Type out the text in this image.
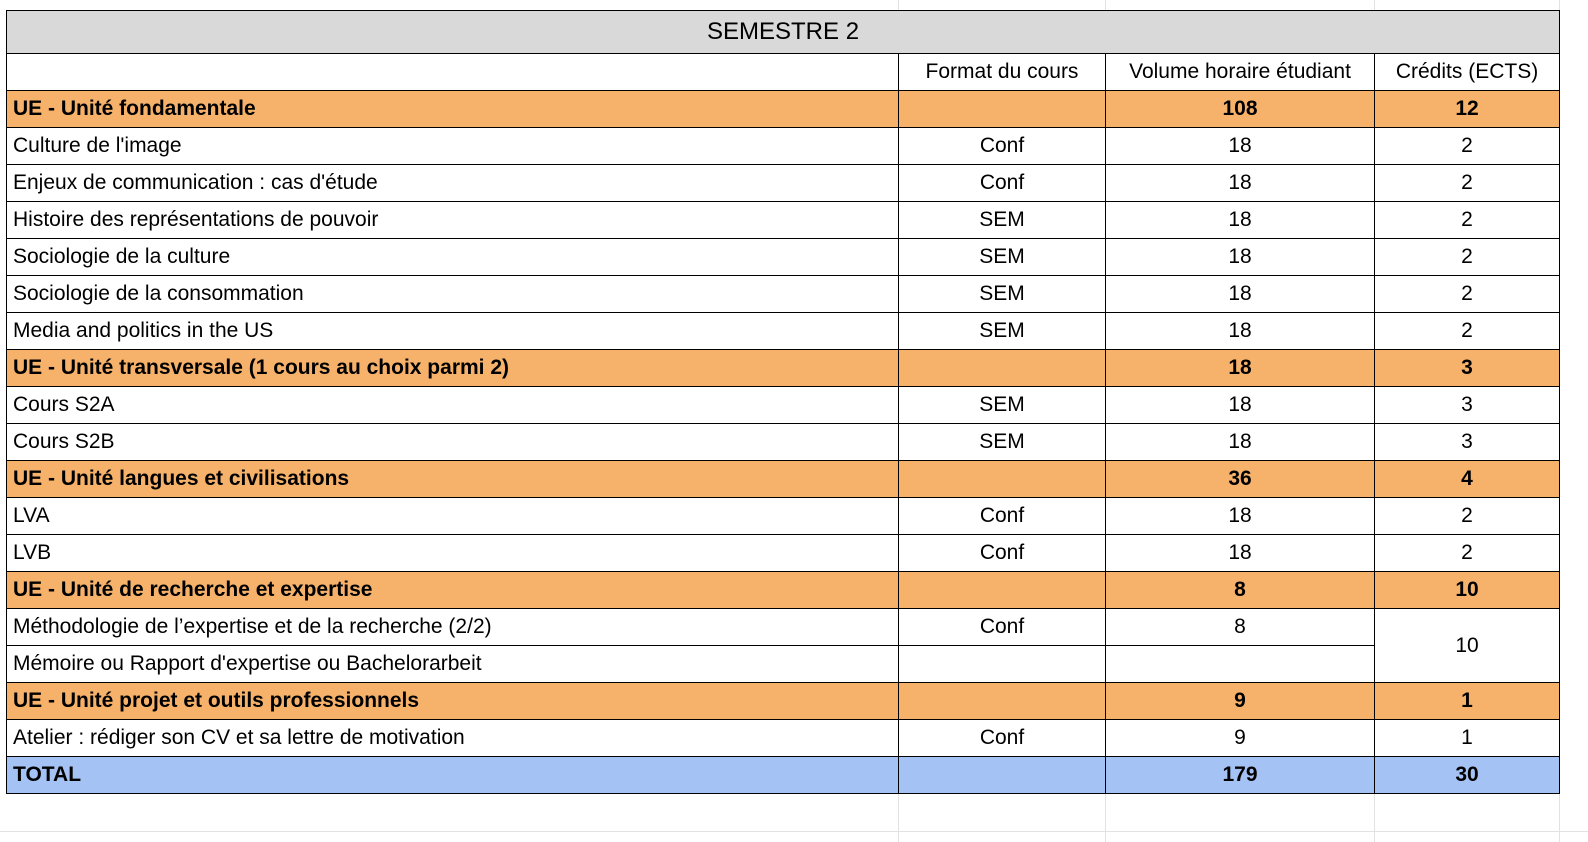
SEMESTRE 2			
	Format du cours	Volume horaire étudiant	Crédits (ECTS)
UE - Unité fondamentale		108	12
Culture de l'image	Conf	18	2
Enjeux de communication : cas d'étude	Conf	18	2
Histoire des représentations de pouvoir	SEM	18	2
Sociologie de la culture	SEM	18	2
Sociologie de la consommation	SEM	18	2
Media and politics in the US	SEM	18	2
UE - Unité transversale (1 cours au choix parmi 2)		18	3
Cours S2A	SEM	18	3
Cours S2B	SEM	18	3
UE - Unité langues et civilisations		36	4
LVA	Conf	18	2
LVB	Conf	18	2
UE - Unité de recherche et expertise		8	10
Méthodologie de l’expertise et de la recherche (2/2)	Conf	8	10
Mémoire ou Rapport d'expertise ou Bachelorarbeit			
UE - Unité projet et outils professionnels		9	1
Atelier : rédiger son CV et sa lettre de motivation	Conf	9	1
TOTAL		179	30
